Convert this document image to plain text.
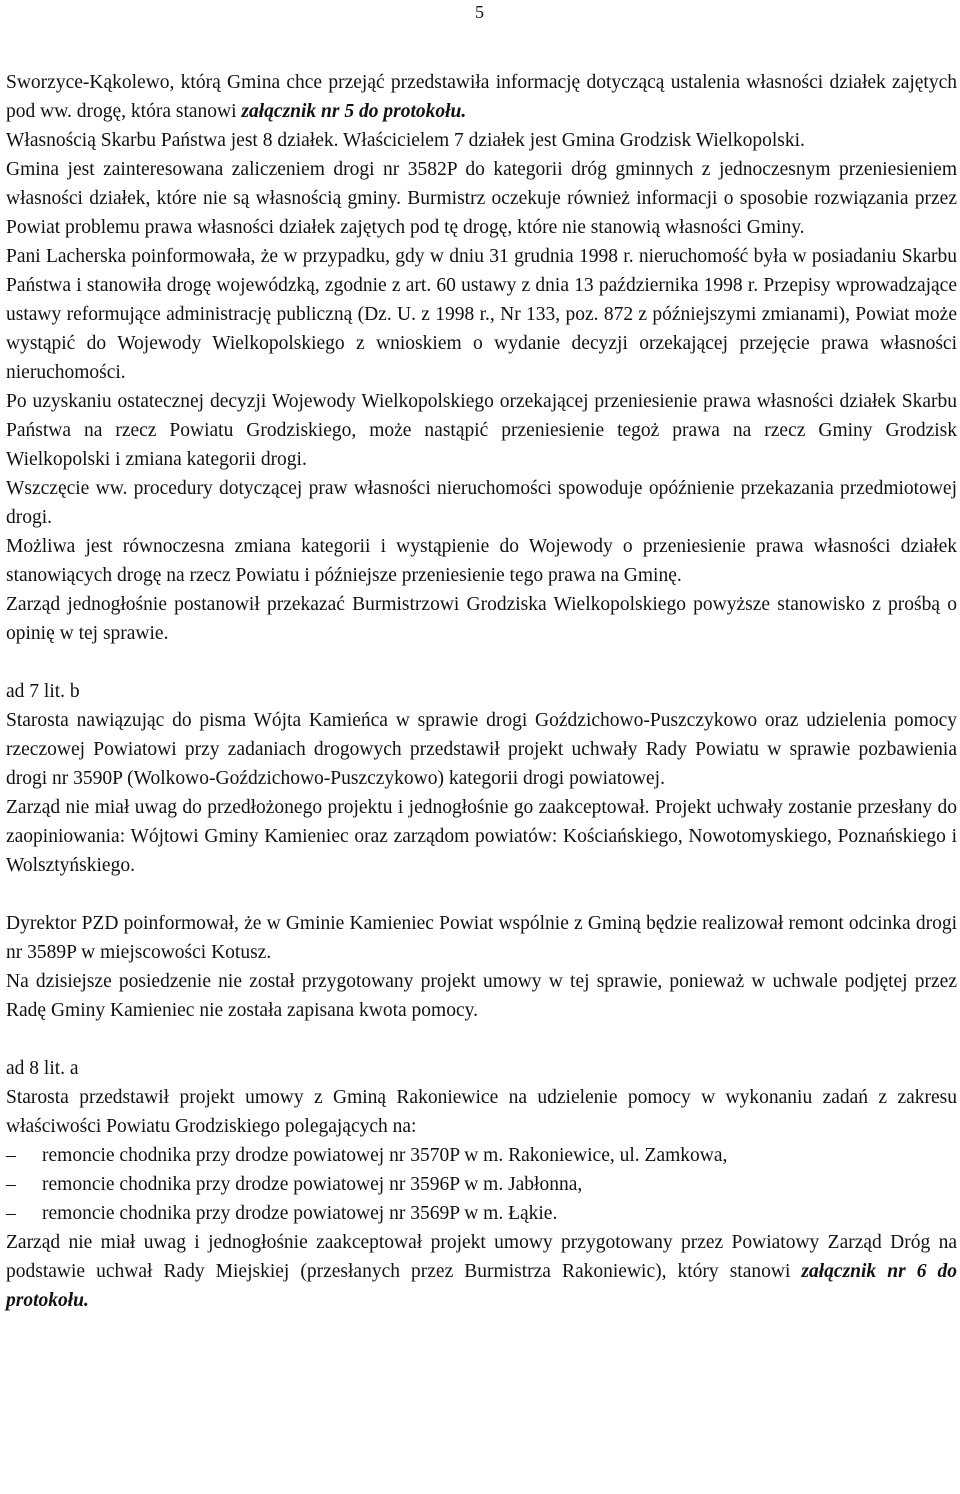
5

Sworzyce-Kąkolewo, którą Gmina chce przejąć przedstawiła informację dotyczącą ustalenia własności działek zajętych pod ww. drogę, która stanowi załącznik nr 5 do protokołu.

Własnością Skarbu Państwa jest 8 działek. Właścicielem 7 działek jest Gmina Grodzisk Wielkopolski.

Gmina jest zainteresowana zaliczeniem drogi nr 3582P do kategorii dróg gminnych z jednoczesnym przeniesieniem własności działek, które nie są własnością gminy. Burmistrz oczekuje również informacji o sposobie rozwiązania przez Powiat problemu prawa własności działek zajętych pod tę drogę, które nie stanowią własności Gminy.

Pani Lacherska poinformowała, że w przypadku, gdy w dniu 31 grudnia 1998 r. nieruchomość była w posiadaniu Skarbu Państwa i stanowiła drogę wojewódzką, zgodnie z art. 60 ustawy z dnia 13 października 1998 r. Przepisy wprowadzające ustawy reformujące administrację publiczną (Dz. U. z 1998 r., Nr 133, poz. 872 z późniejszymi zmianami), Powiat może wystąpić do Wojewody Wielkopolskiego z wnioskiem o wydanie decyzji orzekającej przejęcie prawa własności nieruchomości.

Po uzyskaniu ostatecznej decyzji Wojewody Wielkopolskiego orzekającej przeniesienie prawa własności działek Skarbu Państwa na rzecz Powiatu Grodziskiego, może nastąpić przeniesienie tegoż prawa na rzecz Gminy Grodzisk Wielkopolski i zmiana kategorii drogi.

Wszczęcie ww. procedury dotyczącej praw własności nieruchomości spowoduje opóźnienie przekazania przedmiotowej drogi.

Możliwa jest równoczesna zmiana kategorii i wystąpienie do Wojewody o przeniesienie prawa własności działek stanowiących drogę na rzecz Powiatu i późniejsze przeniesienie tego prawa na Gminę.

Zarząd jednogłośnie postanowił przekazać Burmistrzowi Grodziska Wielkopolskiego powyższe stanowisko z prośbą o opinię w tej sprawie.

ad 7 lit. b

Starosta nawiązując do pisma Wójta Kamieńca w sprawie drogi Goździchowo-Puszczykowo oraz udzielenia pomocy rzeczowej Powiatowi przy zadaniach drogowych przedstawił projekt uchwały Rady Powiatu w sprawie pozbawienia drogi nr 3590P (Wolkowo-Goździchowo-Puszczykowo) kategorii drogi powiatowej.

Zarząd nie miał uwag do przedłożonego projektu i jednogłośnie go zaakceptował. Projekt uchwały zostanie przesłany do zaopiniowania: Wójtowi Gminy Kamieniec oraz zarządom powiatów: Kościańskiego, Nowotomyskiego, Poznańskiego i Wolsztyńskiego.

Dyrektor PZD poinformował, że w Gminie Kamieniec Powiat wspólnie z Gminą będzie realizował remont odcinka drogi nr 3589P w miejscowości Kotusz.

Na dzisiejsze posiedzenie nie został przygotowany projekt umowy w tej sprawie, ponieważ w uchwale podjętej przez Radę Gminy Kamieniec nie została zapisana kwota pomocy.

ad 8 lit. a

Starosta przedstawił projekt umowy z Gminą Rakoniewice na udzielenie pomocy w wykonaniu zadań z zakresu właściwości Powiatu Grodziskiego polegających na:

– remoncie chodnika przy drodze powiatowej nr 3570P w m. Rakoniewice, ul. Zamkowa,
– remoncie chodnika przy drodze powiatowej nr 3596P w m. Jabłonna,
– remoncie chodnika przy drodze powiatowej nr 3569P w m. Łąkie.

Zarząd nie miał uwag i jednogłośnie zaakceptował projekt umowy przygotowany przez Powiatowy Zarząd Dróg na podstawie uchwał Rady Miejskiej (przesłanych przez Burmistrza Rakoniewic), który stanowi załącznik nr 6 do protokołu.
